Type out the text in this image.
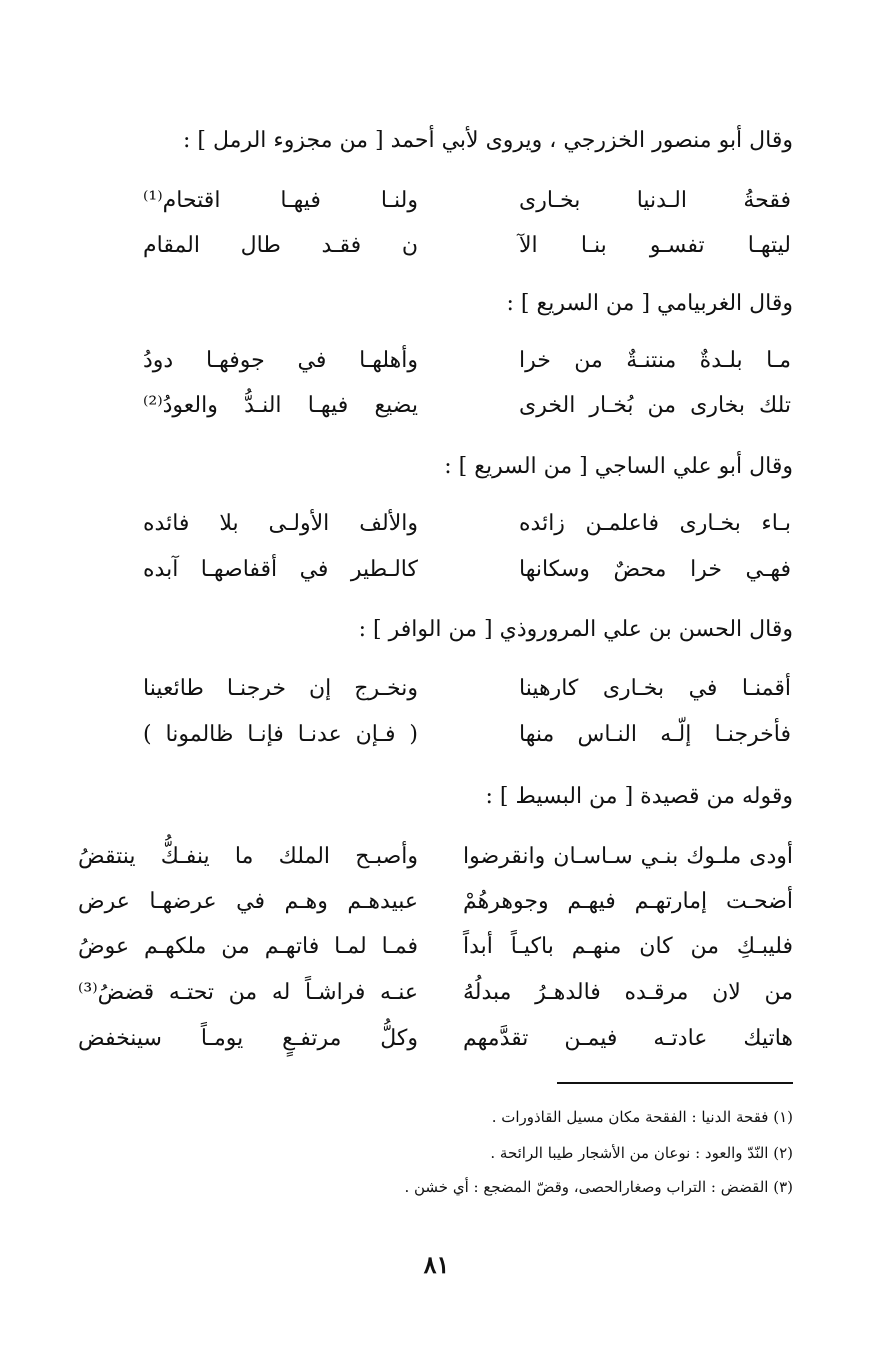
وقال أبو منصور الخزرجي ، ويروى لأبي أحمد [ من مجزوء الرمل ] :
فقحةُ الـدنيا بخـارى
ولنـا فيهـا اقتحام⁽¹⁾
ليتهـا تفسـو بنـا الآ
ن فقـد طال المقام
وقال الغربيامي [ من السريع ] :
مـا بلـدةٌ منتنـةٌ من خرا
وأهلهـا في جوفهـا دودُ
تلك بخارى من بُخـار الخرى
يضيع فيهـا النـدُّ والعودُ⁽²⁾
وقال أبو علي الساجي [ من السريع ] :
بـاء بخـارى فاعلمـن زائده
والألف الأولـى بلا فائده
فهـي خرا محضٌ وسكانها
كالـطير في أقفاصهـا آبده
وقال الحسن بن علي المروروذي [ من الوافر ] :
أقمنـا في بخـارى كارهينا
ونخـرج إن خرجنـا طائعينا
فأخرجنـا إلّـه النـاس منها
( فـإن عدنـا فإنـا ظالمونا )
وقوله من قصيدة [ من البسيط ] :
أودى ملـوك بنـي سـاسـان وانقرضوا
وأصبـح الملك ما ينفـكُّ ينتقضُ
أضحـت إمارتهـم فيهـم وجوهرهُمْ
عبيدهـم وهـم في عرضهـا عرض
فليبـكِ من كان منهـم باكيـاً أبداً
فمـا لمـا فاتهـم من ملكهـم عوضُ
من لان مرقـده فالدهـرُ مبدلُهُ
عنـه فراشـاً له من تحتـه قضضُ⁽³⁾
هاتيك عادتـه فيمـن تقدَّمهم
وكلُّ مرتفـعٍ يومـاً سينخفض
(١) فقحة الدنيا : الفقحة مكان مسيل القاذورات .
(٢) النّدّ والعود : نوعان من الأشجار طيبا الرائحة .
(٣) القضض : التراب وصغارالحصى، وقضّ المضجع : أي خشن .
٨١
